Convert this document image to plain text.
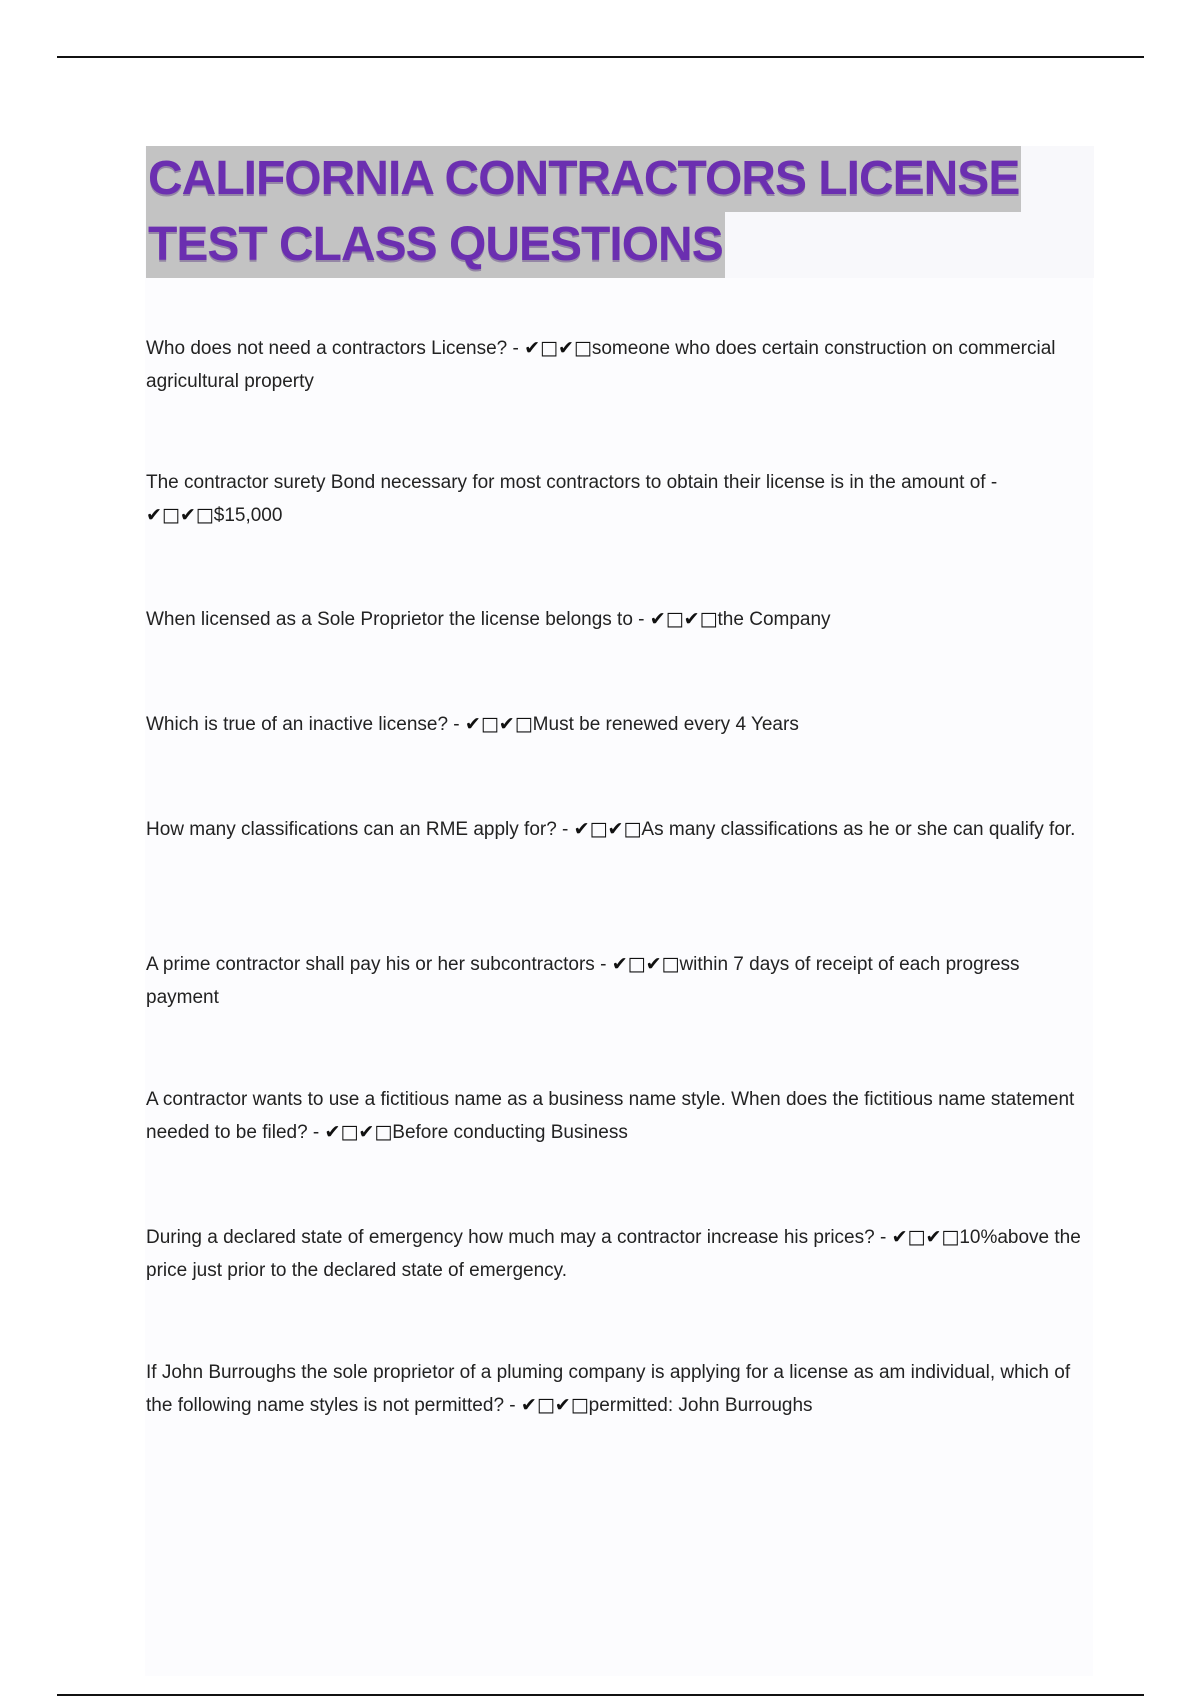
CALIFORNIA CONTRACTORS LICENSE
TEST CLASS QUESTIONS

Who does not need a contractors License? - ✔□✔□someone who does certain construction on commercial agricultural property

The contractor surety Bond necessary for most contractors to obtain their license is in the amount of - ✔□✔□$15,000

When licensed as a Sole Proprietor the license belongs to - ✔□✔□the Company

Which is true of an inactive license? - ✔□✔□Must be renewed every 4 Years

How many classifications can an RME apply for? - ✔□✔□As many classifications as he or she can qualify for.

A prime contractor shall pay his or her subcontractors - ✔□✔□within 7 days of receipt of each progress payment

A contractor wants to use a fictitious name as a business name style. When does the fictitious name statement needed to be filed? - ✔□✔□Before conducting Business

During a declared state of emergency how much may a contractor increase his prices? - ✔□✔□10%above the price just prior to the declared state of emergency.

If John Burroughs the sole proprietor of a pluming company is applying for a license as am individual, which of the following name styles is not permitted? - ✔□✔□permitted: John Burroughs
